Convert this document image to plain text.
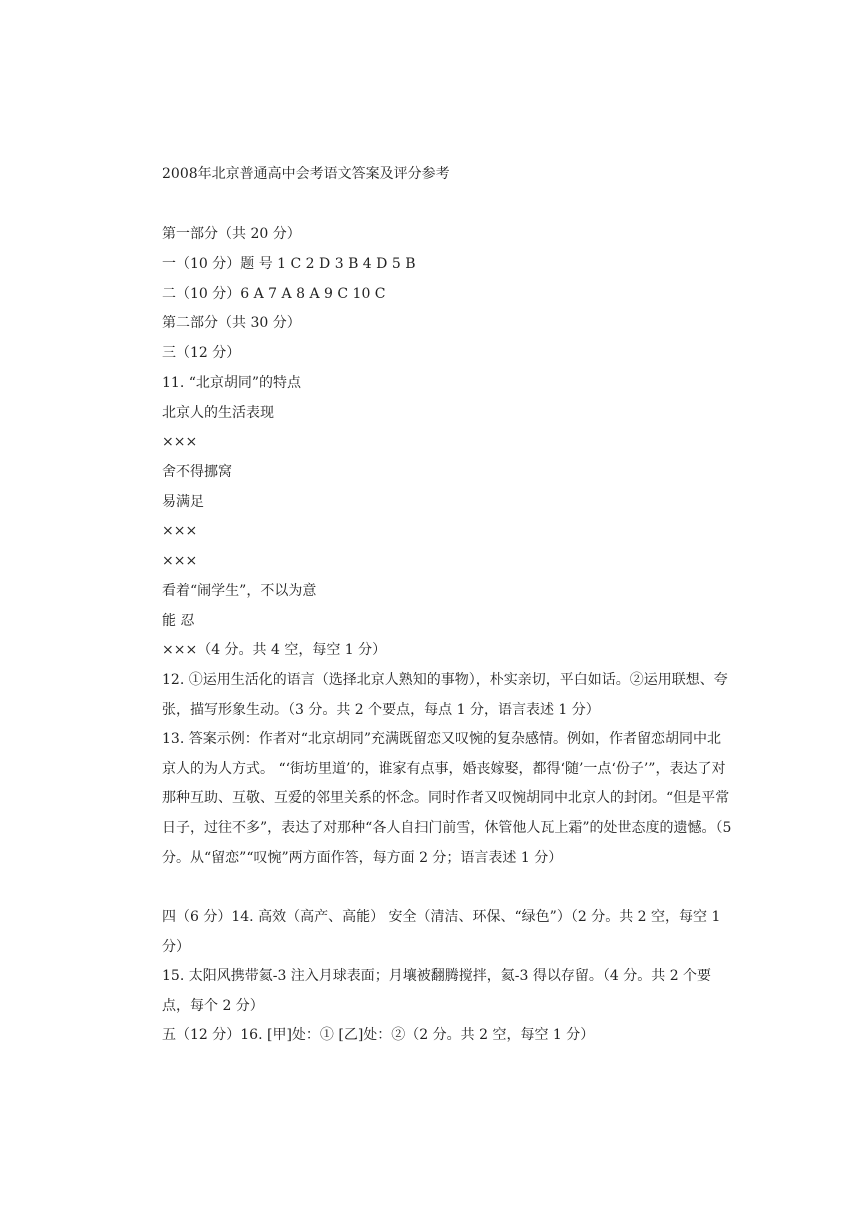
2008年北京普通高中会考语文答案及评分参考

第一部分（共 20 分）

一（10 分）题 号 1 C 2 D 3 B 4 D 5 B

二（10 分）6 A 7 A 8 A 9 C 10 C

第二部分（共 30 分）

三（12 分）

11. “北京胡同”的特点

北京人的生活表现

×××

舍不得挪窝

易满足

×××

×××

看着“闹学生”，不以为意

能 忍

×××（4 分。共 4 空，每空 1 分）

12. ①运用生活化的语言（选择北京人熟知的事物），朴实亲切，平白如话。②运用联想、夸张，描写形象生动。（3 分。共 2 个要点，每点 1 分，语言表述 1 分）

13. 答案示例：作者对“北京胡同”充满既留恋又叹惋的复杂感情。例如，作者留恋胡同中北京人的为人方式。 “‘街坊里道’的，谁家有点事，婚丧嫁娶，都得‘随’一点‘份子’”，表达了对那种互助、互敬、互爱的邻里关系的怀念。同时作者又叹惋胡同中北京人的封闭。“但是平常日子，过往不多”，表达了对那种“各人自扫门前雪，休管他人瓦上霜”的处世态度的遗憾。（5 分。从“留恋”“叹惋”两方面作答，每方面 2 分；语言表述 1 分）

四（6 分）14. 高效（高产、高能） 安全（清洁、环保、“绿色”）（2 分。共 2 空，每空 1 分）

15. 太阳风携带氦-3 注入月球表面；月壤被翻腾搅拌，氦-3 得以存留。（4 分。共 2 个要点，每个 2 分）

五（12 分）16. [甲]处：① [乙]处：②（2 分。共 2 空，每空 1 分）
